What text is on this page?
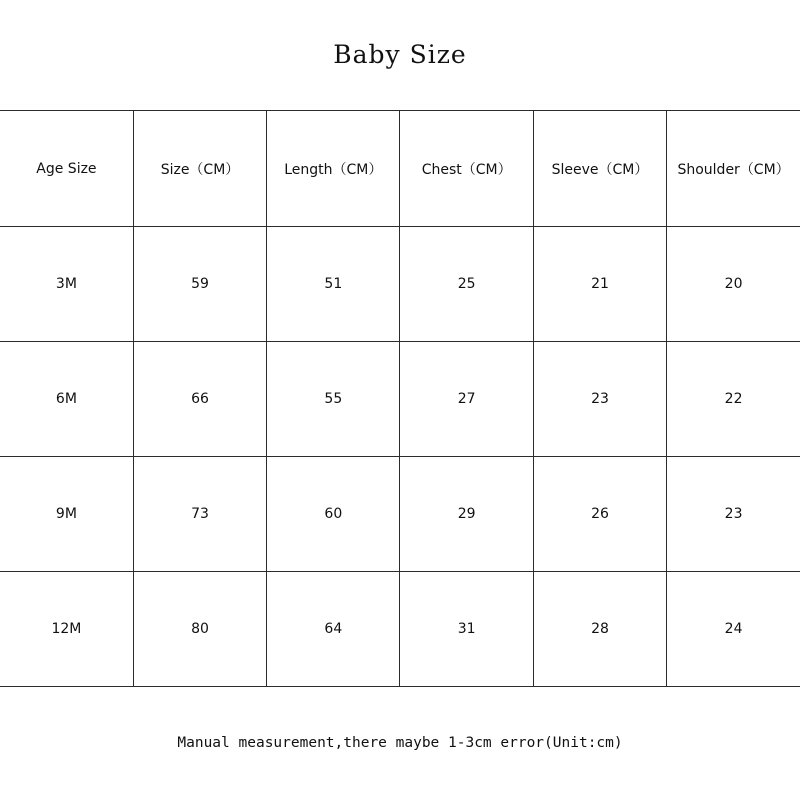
Baby Size
Age Size	Size（CM）	Length（CM）	Chest（CM）	Sleeve（CM）	Shoulder（CM）
3M	59	51	25	21	20
6M	66	55	27	23	22
9M	73	60	29	26	23
12M	80	64	31	28	24
Manual measurement,there maybe 1-3cm error(Unit:cm)
